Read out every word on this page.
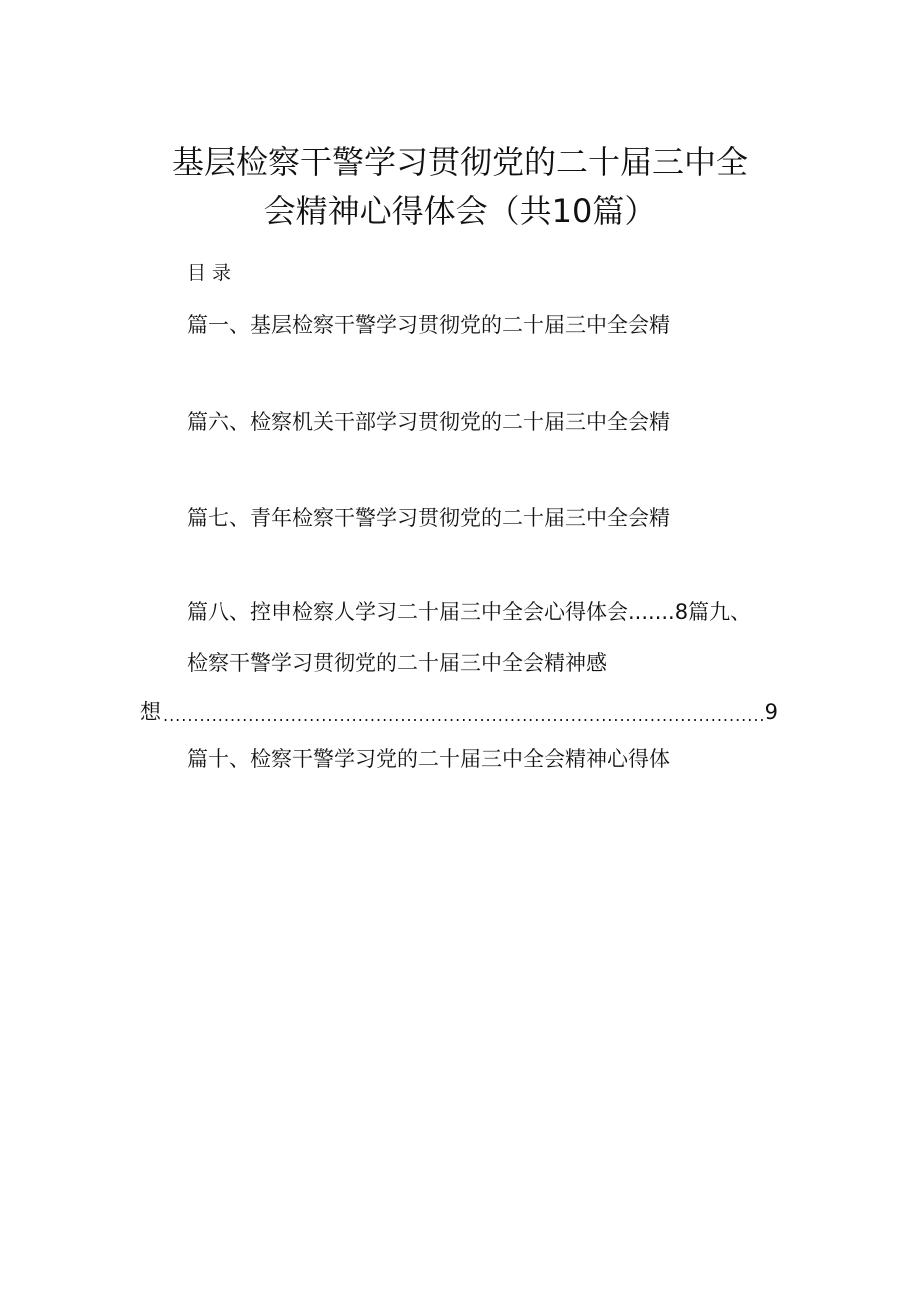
基层检察干警学习贯彻党的二十届三中全
会精神心得体会（共10篇）
目录
篇一、基层检察干警学习贯彻党的二十届三中全会精
篇六、检察机关干部学习贯彻党的二十届三中全会精
篇七、青年检察干警学习贯彻党的二十届三中全会精
篇八、控申检察人学习二十届三中全会心得体会.......8篇九、
检察干警学习贯彻党的二十届三中全会精神感
想
.....	9
篇十、检察干警学习党的二十届三中全会精神心得体
